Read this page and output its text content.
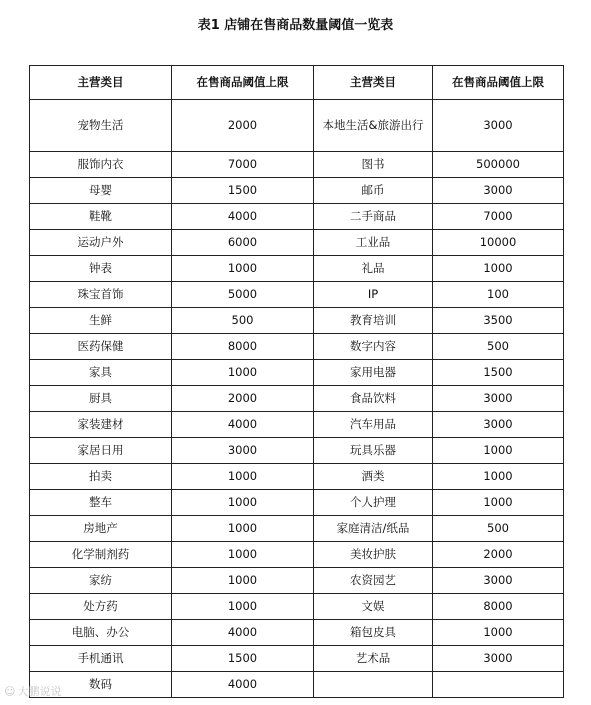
表1 店铺在售商品数量阈值一览表
主营类目	在售商品阈值上限	主营类目	在售商品阈值上限
宠物生活	2000	本地生活&旅游出行	3000
服饰内衣	7000	图书	500000
母婴	1500	邮币	3000
鞋靴	4000	二手商品	7000
运动户外	6000	工业品	10000
钟表	1000	礼品	1000
珠宝首饰	5000	IP	100
生鲜	500	教育培训	3500
医药保健	8000	数字内容	500
家具	1000	家用电器	1500
厨具	2000	食品饮料	3000
家装建材	4000	汽车用品	3000
家居日用	3000	玩具乐器	1000
拍卖	1000	酒类	1000
整车	1000	个人护理	1000
房地产	1000	家庭清洁/纸品	500
化学制剂药	1000	美妆护肤	2000
家纺	1000	农资园艺	3000
处方药	1000	文娱	8000
电脑、办公	4000	箱包皮具	1000
手机通讯	1500	艺术品	3000
数码	4000		
☺ 大鹏说说
